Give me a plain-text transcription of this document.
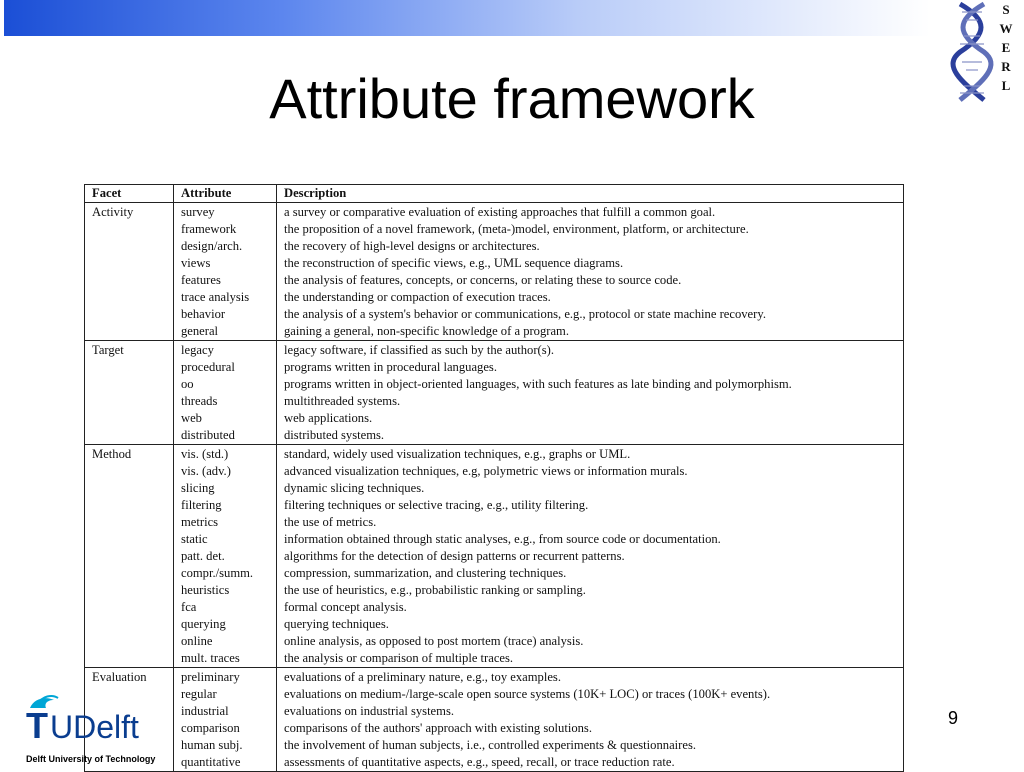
Attribute framework
S
W
E
R
L
Facet	Attribute	Description
Activity	survey	a survey or comparative evaluation of existing approaches that fulfill a common goal.
	framework	the proposition of a novel framework, (meta-)model, environment, platform, or architecture.
	design/arch.	the recovery of high-level designs or architectures.
	views	the reconstruction of specific views, e.g., UML sequence diagrams.
	features	the analysis of features, concepts, or concerns, or relating these to source code.
	trace analysis	the understanding or compaction of execution traces.
	behavior	the analysis of a system's behavior or communications, e.g., protocol or state machine recovery.
	general	gaining a general, non-specific knowledge of a program.
Target	legacy	legacy software, if classified as such by the author(s).
	procedural	programs written in procedural languages.
	oo	programs written in object-oriented languages, with such features as late binding and polymorphism.
	threads	multithreaded systems.
	web	web applications.
	distributed	distributed systems.
Method	vis. (std.)	standard, widely used visualization techniques, e.g., graphs or UML.
	vis. (adv.)	advanced visualization techniques, e.g, polymetric views or information murals.
	slicing	dynamic slicing techniques.
	filtering	filtering techniques or selective tracing, e.g., utility filtering.
	metrics	the use of metrics.
	static	information obtained through static analyses, e.g., from source code or documentation.
	patt. det.	algorithms for the detection of design patterns or recurrent patterns.
	compr./summ.	compression, summarization, and clustering techniques.
	heuristics	the use of heuristics, e.g., probabilistic ranking or sampling.
	fca	formal concept analysis.
	querying	querying techniques.
	online	online analysis, as opposed to post mortem (trace) analysis.
	mult. traces	the analysis or comparison of multiple traces.
Evaluation	preliminary	evaluations of a preliminary nature, e.g., toy examples.
	regular	evaluations on medium-/large-scale open source systems (10K+ LOC) or traces (100K+ events).
	industrial	evaluations on industrial systems.
	comparison	comparisons of the authors' approach with existing solutions.
	human subj.	the involvement of human subjects, i.e., controlled experiments & questionnaires.
	quantitative	assessments of quantitative aspects, e.g., speed, recall, or trace reduction rate.
T UDelft
Delft University of Technology
9
